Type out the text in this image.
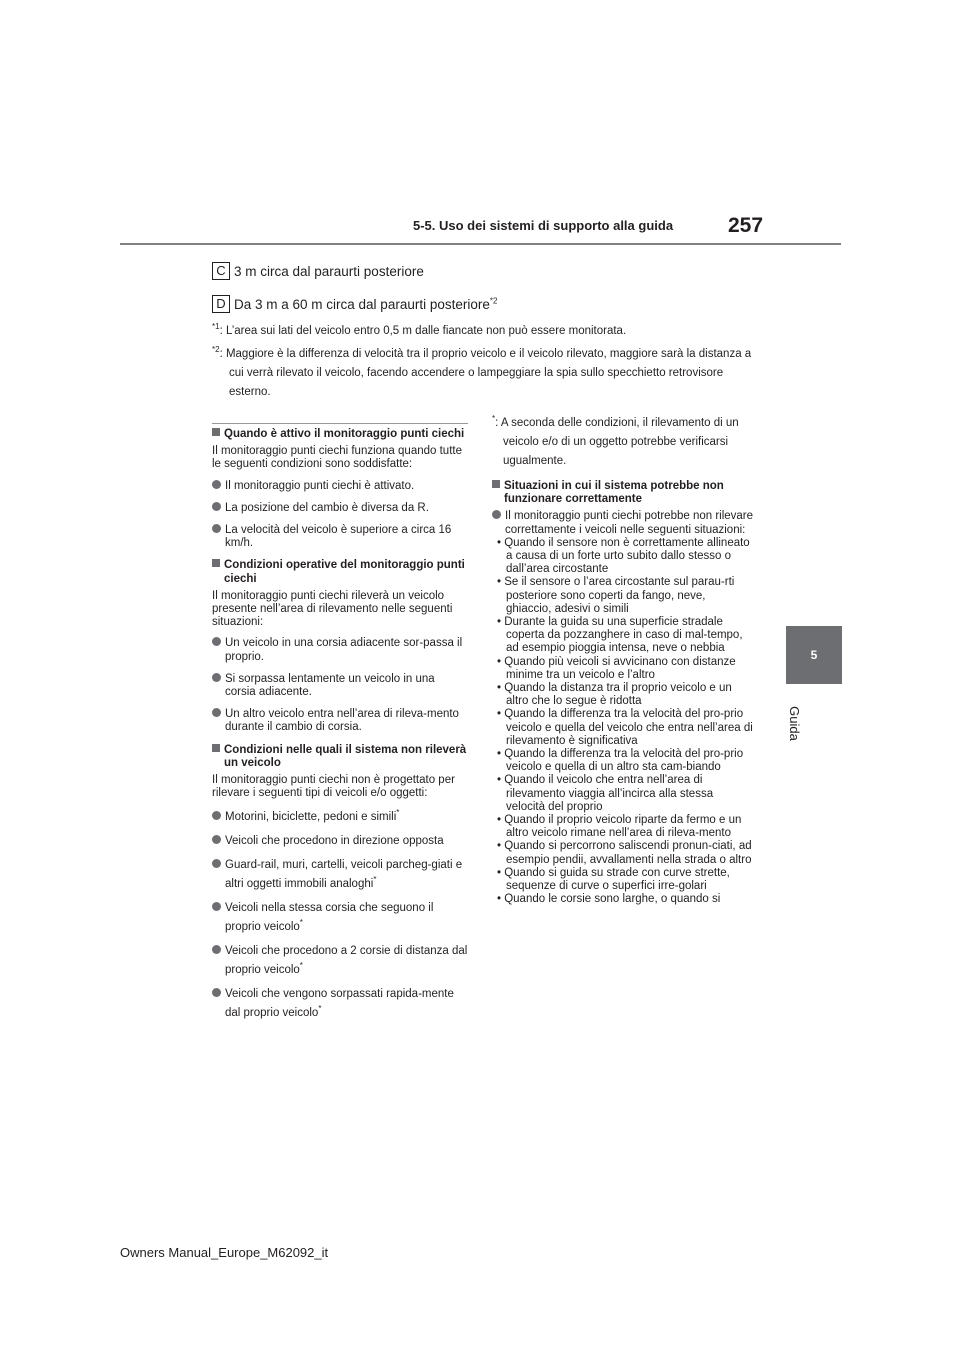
5-5. Uso dei sistemi di supporto alla guida	257
5
Guida
C 3 m circa dal paraurti posteriore
D Da 3 m a 60 m circa dal paraurti posteriore$^{*2}$
$^{*1}$: L’area sui lati del veicolo entro 0,5 m dalle fiancate non può essere monitorata.
$^{*2}$: Maggiore è la differenza di velocità tra il proprio veicolo e il veicolo rilevato, maggiore sarà la distanza a cui verrà rilevato il veicolo, facendo accendere o lampeggiare la spia sullo specchietto retrovisore esterno.
Quando è attivo il monitoraggio punti ciechi
Il monitoraggio punti ciechi funziona quando tutte le seguenti condizioni sono soddisfatte:
Il monitoraggio punti ciechi è attivato.
La posizione del cambio è diversa da R.
La velocità del veicolo è superiore a circa 16 km/h.
Condizioni operative del monitoraggio punti ciechi
Il monitoraggio punti ciechi rileverà un veicolo presente nell’area di rilevamento nelle seguenti situazioni:
Un veicolo in una corsia adiacente sor-passa il proprio.
Si sorpassa lentamente un veicolo in una corsia adiacente.
Un altro veicolo entra nell’area di rileva-mento durante il cambio di corsia.
Condizioni nelle quali il sistema non rileverà un veicolo
Il monitoraggio punti ciechi non è progettato per rilevare i seguenti tipi di veicoli e/o oggetti:
Motorini, biciclette, pedoni e simili*
Veicoli che procedono in direzione opposta
Guard-rail, muri, cartelli, veicoli parcheg-giati e altri oggetti immobili analoghi*
Veicoli nella stessa corsia che seguono il proprio veicolo*
Veicoli che procedono a 2 corsie di distanza dal proprio veicolo*
Veicoli che vengono sorpassati rapida-mente dal proprio veicolo*
*: A seconda delle condizioni, il rilevamento di un veicolo e/o di un oggetto potrebbe verificarsi ugualmente.
Situazioni in cui il sistema potrebbe non funzionare correttamente
Il monitoraggio punti ciechi potrebbe non rilevare correttamente i veicoli nelle seguenti situazioni:
• Quando il sensore non è correttamente allineato a causa di un forte urto subito dallo stesso o dall’area circostante
• Se il sensore o l’area circostante sul parau-rti posteriore sono coperti da fango, neve, ghiaccio, adesivi o simili
• Durante la guida su una superficie stradale coperta da pozzanghere in caso di mal-tempo, ad esempio pioggia intensa, neve o nebbia
• Quando più veicoli si avvicinano con distanze minime tra un veicolo e l’altro
• Quando la distanza tra il proprio veicolo e un altro che lo segue è ridotta
• Quando la differenza tra la velocità del pro-prio veicolo e quella del veicolo che entra nell’area di rilevamento è significativa
• Quando la differenza tra la velocità del pro-prio veicolo e quella di un altro sta cam-biando
• Quando il veicolo che entra nell’area di rilevamento viaggia all’incirca alla stessa velocità del proprio
• Quando il proprio veicolo riparte da fermo e un altro veicolo rimane nell’area di rileva-mento
• Quando si percorrono saliscendi pronun-ciati, ad esempio pendii, avvallamenti nella strada o altro
• Quando si guida su strade con curve strette, sequenze di curve o superfici irre-golari
• Quando le corsie sono larghe, o quando si
Owners Manual_Europe_M62092_it
